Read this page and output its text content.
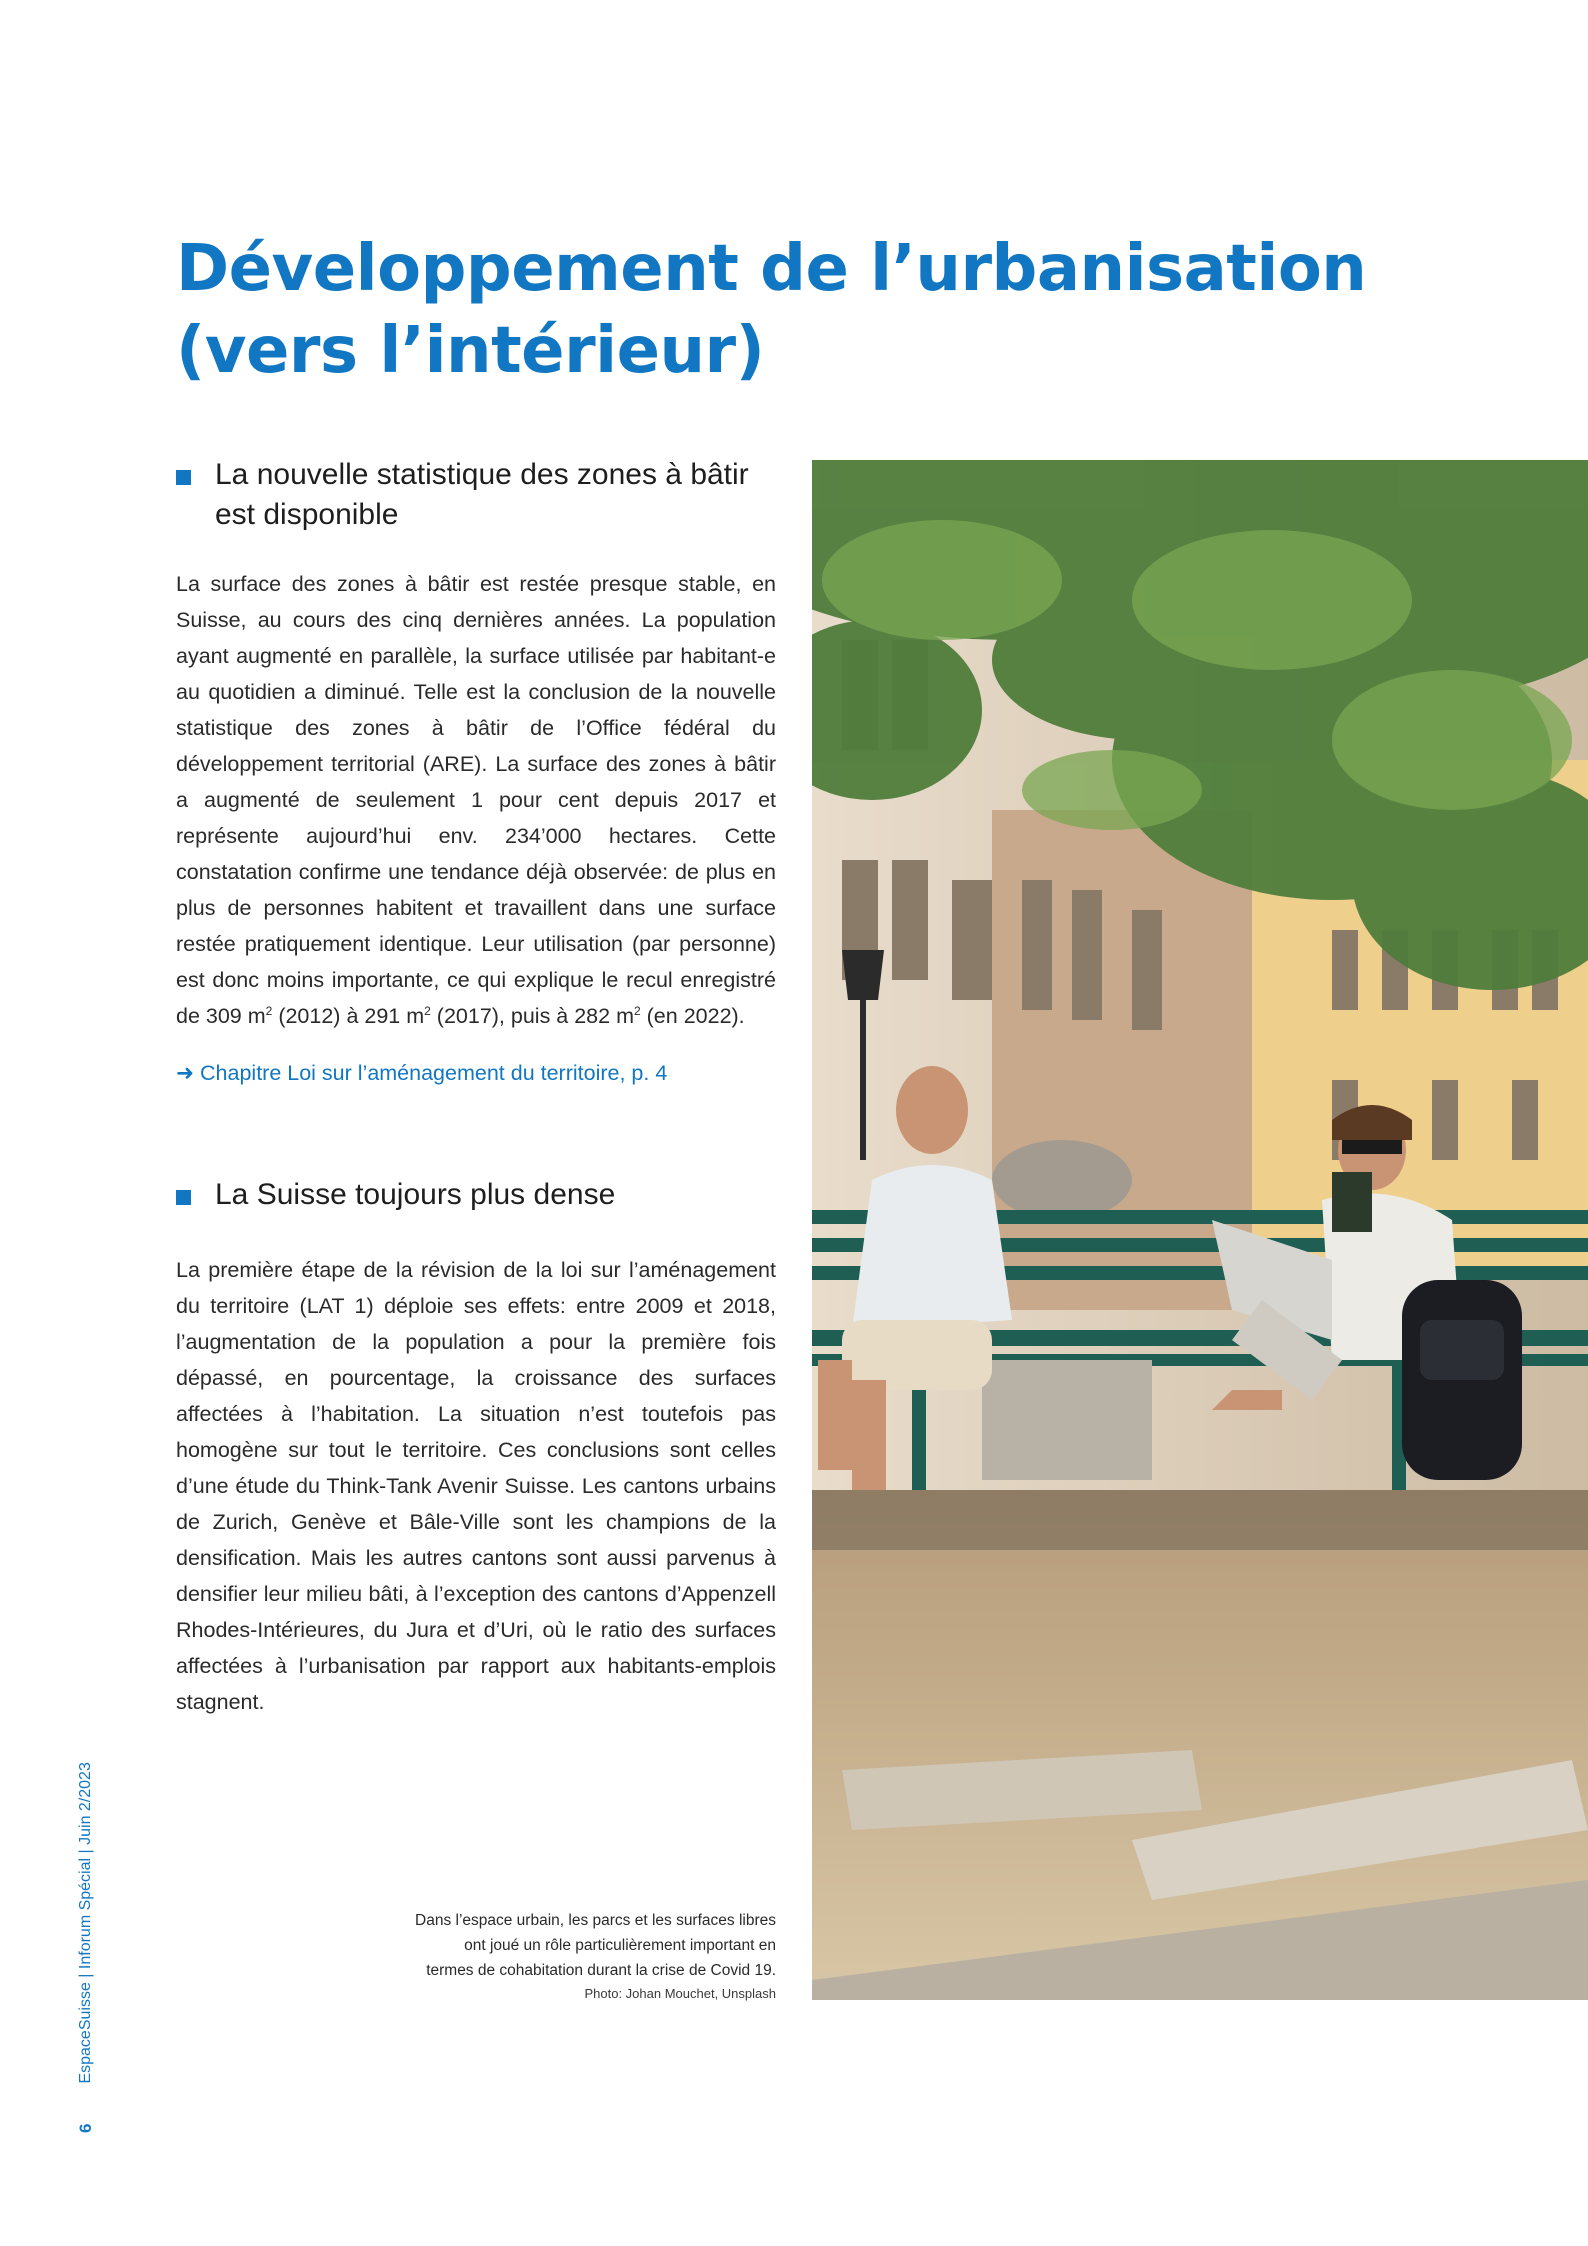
Développement de l’urbanisation
(vers l’intérieur)
La nouvelle statistique des zones à bâtir
est disponible

La surface des zones à bâtir est restée presque stable, en Suisse, au cours des cinq dernières années. La population ayant augmenté en parallèle, la surface utilisée par habitant-e au quotidien a diminué. Telle est la conclusion de la nouvelle statistique des zones à bâtir de l’Office fédéral du développement territorial (ARE). La surface des zones à bâtir a augmenté de seulement 1 pour cent depuis 2017 et représente aujourd’hui env. 234’000 hectares. Cette constatation confirme une tendance déjà observée: de plus en plus de personnes habitent et travaillent dans une surface restée pratiquement identique. Leur utilisation (par personne) est donc moins importante, ce qui explique le recul enregistré de 309 $m^2$ (2012) à 291 $m^2$ (2017), puis à 282 $m^2$ (en 2022).

➜ Chapitre Loi sur l’aménagement du territoire, p. 4
La Suisse toujours plus dense

La première étape de la révision de la loi sur l’aménagement du territoire (LAT 1) déploie ses effets: entre 2009 et 2018, l’augmentation de la population a pour la première fois dépassé, en pourcentage, la croissance des surfaces affectées à l’habitation. La situation n’est toutefois pas homogène sur tout le territoire. Ces conclusions sont celles d’une étude du Think-Tank Avenir Suisse. Les cantons urbains de Zurich, Genève et Bâle-Ville sont les champions de la densification. Mais les autres cantons sont aussi parvenus à densifier leur milieu bâti, à l’exception des cantons d’Appenzell Rhodes-Intérieures, du Jura et d’Uri, où le ratio des surfaces affectées à l’urbanisation par rapport aux habitants-emplois stagnent.

Dans l’espace urbain, les parcs et les surfaces libres
ont joué un rôle particulièrement important en
termes de cohabitation durant la crise de Covid 19.
Photo: Johan Mouchet, Unsplash
6
EspaceSuisse | Inforum Spécial | Juin 2/2023
